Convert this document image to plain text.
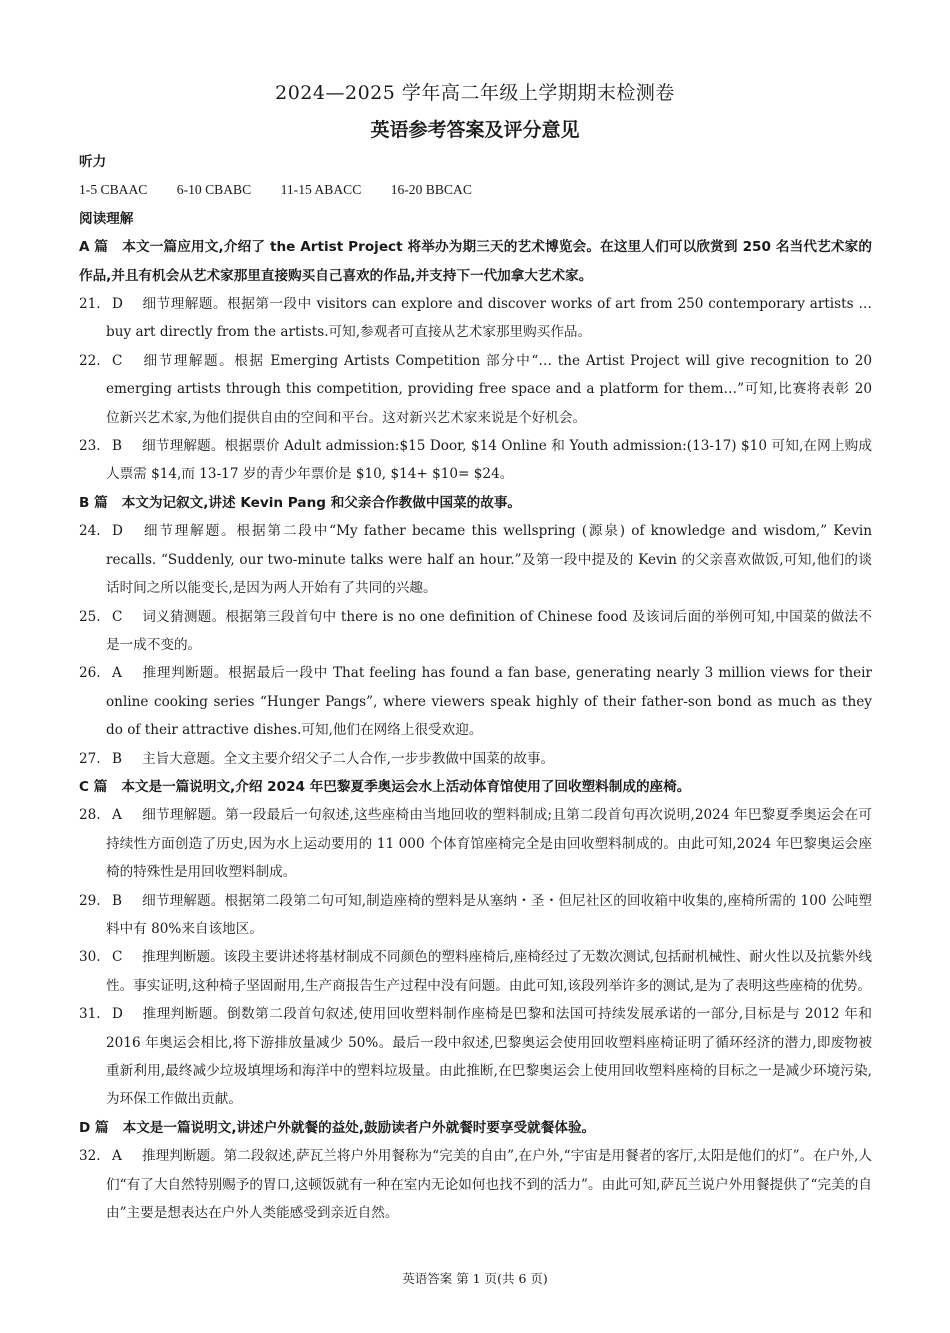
2024—2025 学年高二年级上学期期末检测卷
英语参考答案及评分意见
听力
1-5 CBAAC 6-10 CBABC 11-15 ABACC 16-20 BBCAC
阅读理解
A 篇 本文一篇应用文,介绍了 the Artist Project 将举办为期三天的艺术博览会。在这里人们可以欣赏到 250 名当代艺术家的作品,并且有机会从艺术家那里直接购买自己喜欢的作品,并支持下一代加拿大艺术家。
21. D 细节理解题。根据第一段中 visitors can explore and discover works of art from 250 contemporary artists … buy art directly from the artists.可知,参观者可直接从艺术家那里购买作品。
22. C 细节理解题。根据 Emerging Artists Competition 部分中“… the Artist Project will give recognition to 20 emerging artists through this competition, providing free space and a platform for them…”可知,比赛将表彰 20 位新兴艺术家,为他们提供自由的空间和平台。这对新兴艺术家来说是个好机会。
23. B 细节理解题。根据票价 Adult admission:$15 Door, $14 Online 和 Youth admission:(13-17) $10 可知,在网上购成人票需 $14,而 13-17 岁的青少年票价是 $10, $14+ $10= $24。
B 篇 本文为记叙文,讲述 Kevin Pang 和父亲合作教做中国菜的故事。
24. D 细节理解题。根据第二段中“My father became this wellspring (源泉) of knowledge and wisdom,” Kevin recalls. “Suddenly, our two-minute talks were half an hour.”及第一段中提及的 Kevin 的父亲喜欢做饭,可知,他们的谈话时间之所以能变长,是因为两人开始有了共同的兴趣。
25. C 词义猜测题。根据第三段首句中 there is no one definition of Chinese food 及该词后面的举例可知,中国菜的做法不是一成不变的。
26. A 推理判断题。根据最后一段中 That feeling has found a fan base, generating nearly 3 million views for their online cooking series “Hunger Pangs”, where viewers speak highly of their father-son bond as much as they do of their attractive dishes.可知,他们在网络上很受欢迎。
27. B 主旨大意题。全文主要介绍父子二人合作,一步步教做中国菜的故事。
C 篇 本文是一篇说明文,介绍 2024 年巴黎夏季奥运会水上活动体育馆使用了回收塑料制成的座椅。
28. A 细节理解题。第一段最后一句叙述,这些座椅由当地回收的塑料制成;且第二段首句再次说明,2024 年巴黎夏季奥运会在可持续性方面创造了历史,因为水上运动要用的 11 000 个体育馆座椅完全是由回收塑料制成的。由此可知,2024 年巴黎奥运会座椅的特殊性是用回收塑料制成。
29. B 细节理解题。根据第二段第二句可知,制造座椅的塑料是从塞纳・圣・但尼社区的回收箱中收集的,座椅所需的 100 公吨塑料中有 80%来自该地区。
30. C 推理判断题。该段主要讲述将基材制成不同颜色的塑料座椅后,座椅经过了无数次测试,包括耐机械性、耐火性以及抗紫外线性。事实证明,这种椅子坚固耐用,生产商报告生产过程中没有问题。由此可知,该段列举许多的测试,是为了表明这些座椅的优势。
31. D 推理判断题。倒数第二段首句叙述,使用回收塑料制作座椅是巴黎和法国可持续发展承诺的一部分,目标是与 2012 年和 2016 年奥运会相比,将下游排放量减少 50%。最后一段中叙述,巴黎奥运会使用回收塑料座椅证明了循环经济的潜力,即废物被重新利用,最终减少垃圾填埋场和海洋中的塑料垃圾量。由此推断,在巴黎奥运会上使用回收塑料座椅的目标之一是减少环境污染,为环保工作做出贡献。
D 篇 本文是一篇说明文,讲述户外就餐的益处,鼓励读者户外就餐时要享受就餐体验。
32. A 推理判断题。第二段叙述,萨瓦兰将户外用餐称为“完美的自由”,在户外,“宇宙是用餐者的客厅,太阳是他们的灯”。在户外,人们“有了大自然特别赐予的胃口,这顿饭就有一种在室内无论如何也找不到的活力”。由此可知,萨瓦兰说户外用餐提供了“完美的自由”主要是想表达在户外人类能感受到亲近自然。
英语答案 第 1 页(共 6 页)
